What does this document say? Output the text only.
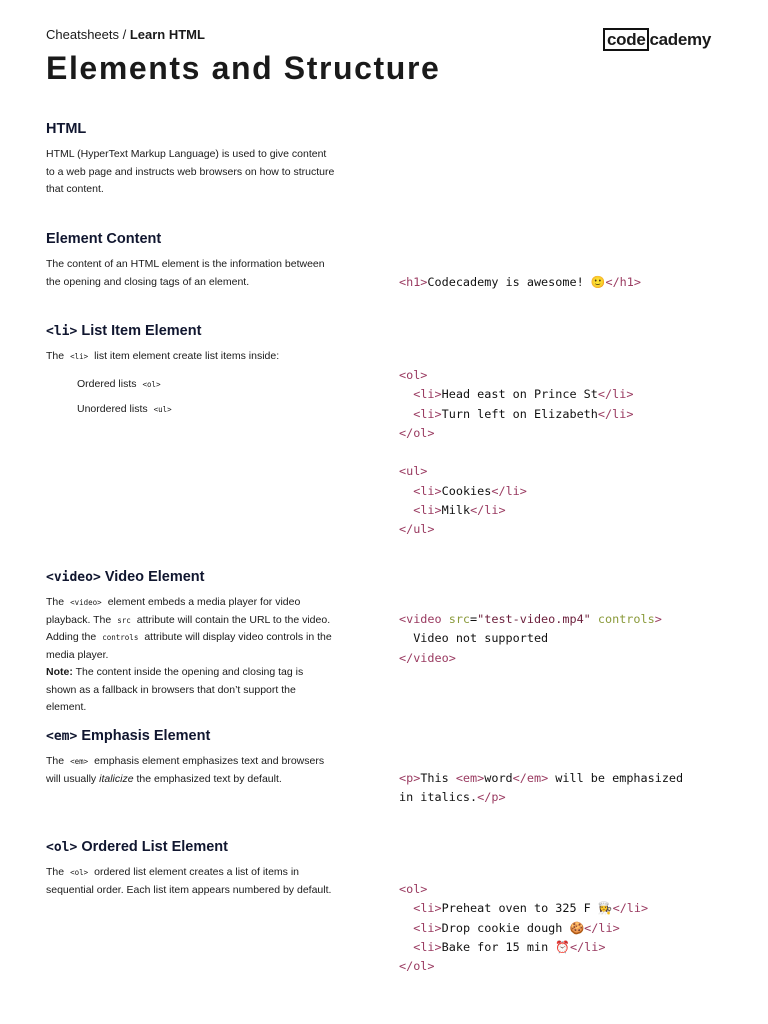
Cheatsheets / Learn HTML	code cademy
Elements and Structure
HTML

HTML (HyperText Markup Language) is used to give content to a web page and instructs web browsers on how to structure that content.

Element Content

The content of an HTML element is the information between the opening and closing tags of an element.

<li> List Item Element

The <li> list item element create list items inside:

Ordered lists <ol>
Unordered lists <ul>

<video> Video Element

The <video> element embeds a media player for video playback. The src attribute will contain the URL to the video. Adding the controls attribute will display video controls in the media player.
Note: The content inside the opening and closing tag is shown as a fallback in browsers that don’t support the element.

<em> Emphasis Element

The <em> emphasis element emphasizes text and browsers will usually italicize the emphasized text by default.

<ol> Ordered List Element

The <ol> ordered list element creates a list of items in sequential order. Each list item appears numbered by default.

<h1>Codecademy is awesome! 🙂</h1>
<ol>
<li>Head east on Prince St</li>
<li>Turn left on Elizabeth</li>
</ol>

<ul>
<li>Cookies</li>
<li>Milk</li>
</ul>
<video src="test-video.mp4" controls>
Video not supported
</video>
<p>This <em>word</em> will be emphasized
in italics.</p>
<ol>
<li>Preheat oven to 325 F 👩‍🍳</li>
<li>Drop cookie dough 🍪</li>
<li>Bake for 15 min ⏰</li>
</ol>
